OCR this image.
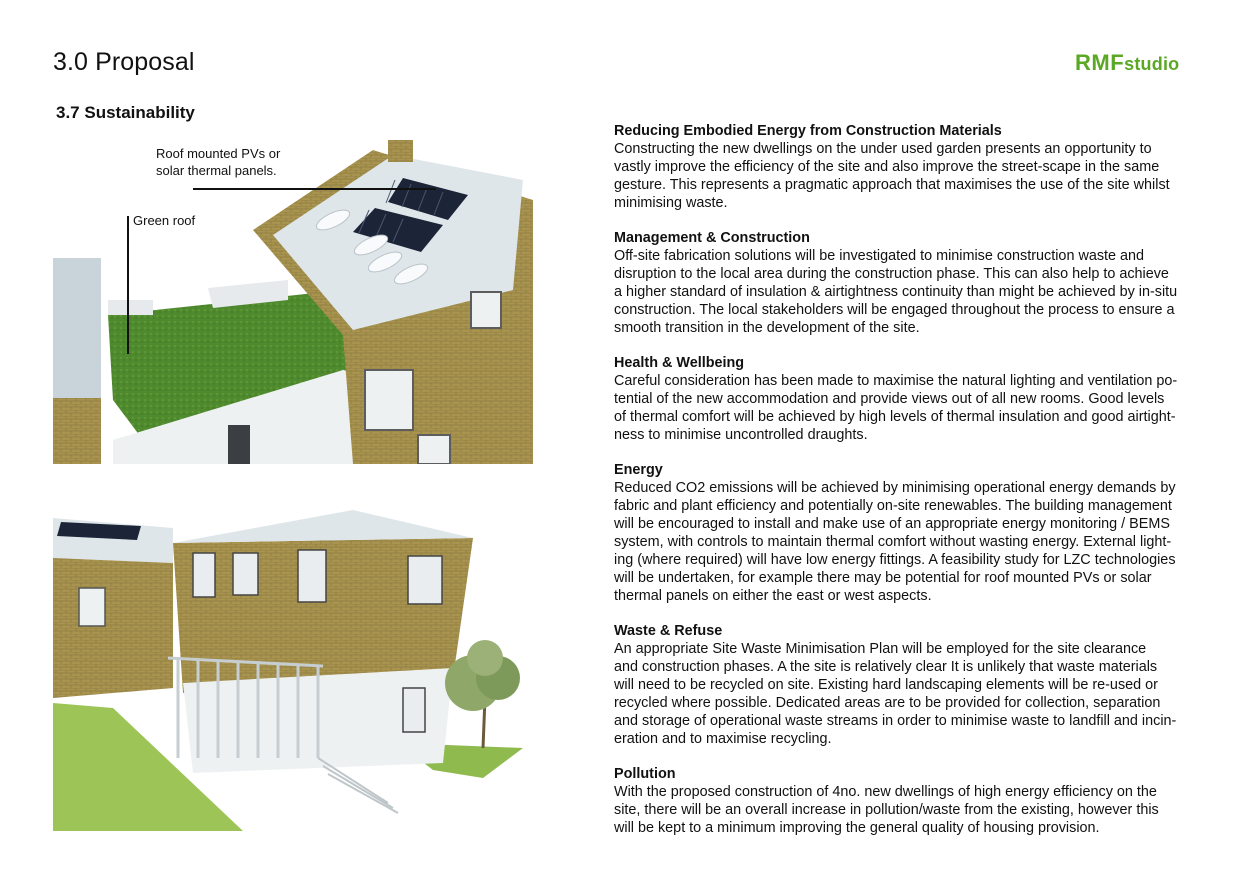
3.0 Proposal	RMFstudio
3.7 Sustainability
Roof mounted PVs or
solar thermal panels.
Green roof
Reducing Embodied Energy from Construction Materials

Constructing the new dwellings on the under used garden presents an opportunity to
vastly improve the efficiency of the site and also improve the street-scape in the same
gesture. This represents a pragmatic approach that maximises the use of the site whilst
minimising waste.

Management & Construction

Off-site fabrication solutions will be investigated to minimise construction waste and
disruption to the local area during the construction phase. This can also help to achieve
a higher standard of insulation & airtightness continuity than might be achieved by in-situ
construction. The local stakeholders will be engaged throughout the process to ensure a
smooth transition in the development of the site.

Health & Wellbeing

Careful consideration has been made to maximise the natural lighting and ventilation po-
tential of the new accommodation and provide views out of all new rooms. Good levels
of thermal comfort will be achieved by high levels of thermal insulation and good airtight-
ness to minimise uncontrolled draughts.

Energy

Reduced CO2 emissions will be achieved by minimising operational energy demands by
fabric and plant efficiency and potentially on-site renewables. The building management
will be encouraged to install and make use of an appropriate energy monitoring / BEMS
system, with controls to maintain thermal comfort without wasting energy. External light-
ing (where required) will have low energy fittings. A feasibility study for LZC technologies
will be undertaken, for example there may be potential for roof mounted PVs or solar
thermal panels on either the east or west aspects.

Waste & Refuse

An appropriate Site Waste Minimisation Plan will be employed for the site clearance
and construction phases. A the site is relatively clear It is unlikely that waste materials
will need to be recycled on site. Existing hard landscaping elements will be re-used or
recycled where possible. Dedicated areas are to be provided for collection, separation
and storage of operational waste streams in order to minimise waste to landfill and incin-
eration and to maximise recycling.

Pollution

With the proposed construction of 4no. new dwellings of high energy efficiency on the
site, there will be an overall increase in pollution/waste from the existing, however this
will be kept to a minimum improving the general quality of housing provision.
